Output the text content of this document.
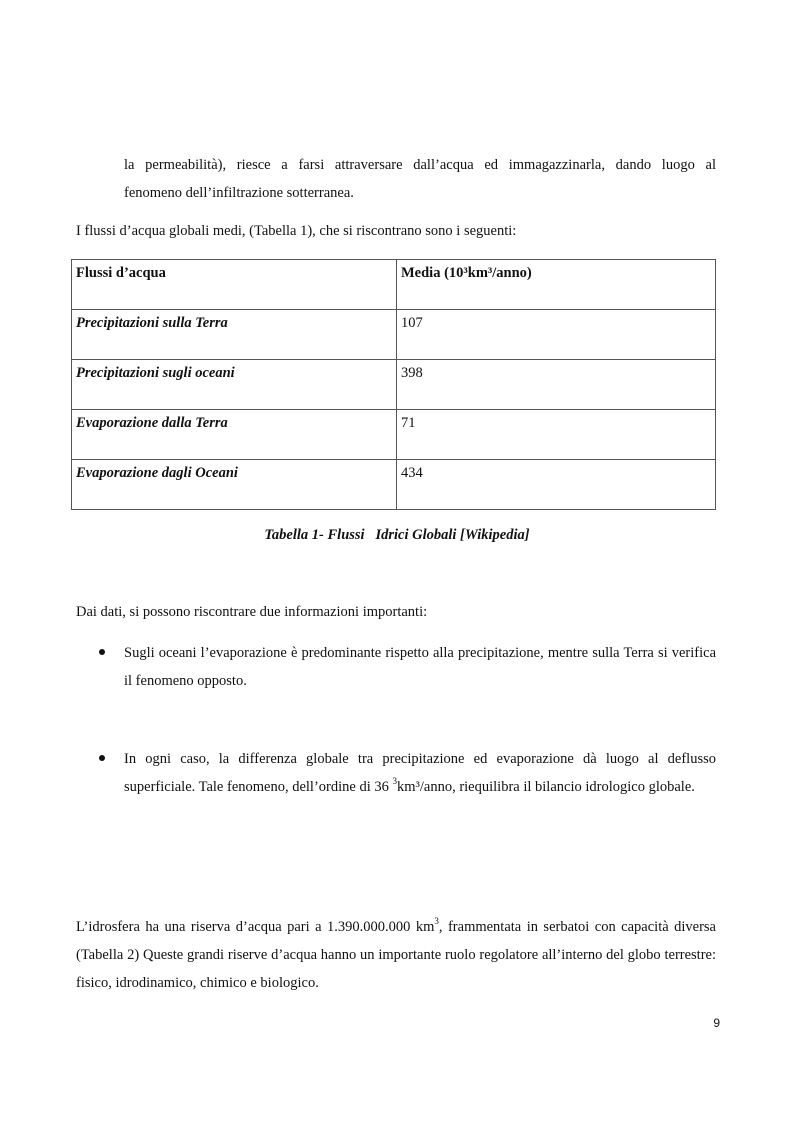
la permeabilità), riesce a farsi attraversare dall’acqua ed immagazzinarla, dando luogo al
fenomeno dell’infiltrazione sotterranea.

I flussi d’acqua globali medi, (Tabella 1), che si riscontrano sono i seguenti:

Flussi d’acqua	Media (10³km³/anno)
Precipitazioni sulla Terra	107
Precipitazioni sugli oceani	398
Evaporazione dalla Terra	71
Evaporazione dagli Oceani	434
Tabella 1- Flussi   Idrici Globali [Wikipedia]

Dai dati, si possono riscontrare due informazioni importanti:

Sugli oceani l’evaporazione è predominante rispetto alla precipitazione, mentre sulla Terra si verifica il fenomeno opposto.
In ogni caso, la differenza globale tra precipitazione ed evaporazione dà luogo al deflusso superficiale. Tale fenomeno, dell’ordine di 36 $^3$km³/anno, riequilibra il bilancio idrologico globale.

L’idrosfera ha una riserva d’acqua pari a 1.390.000.000 $km^3$, frammentata in serbatoi con capacità diversa (Tabella 2) Queste grandi riserve d’acqua hanno un importante ruolo regolatore all’interno del globo terrestre: fisico, idrodinamico, chimico e biologico.

9
